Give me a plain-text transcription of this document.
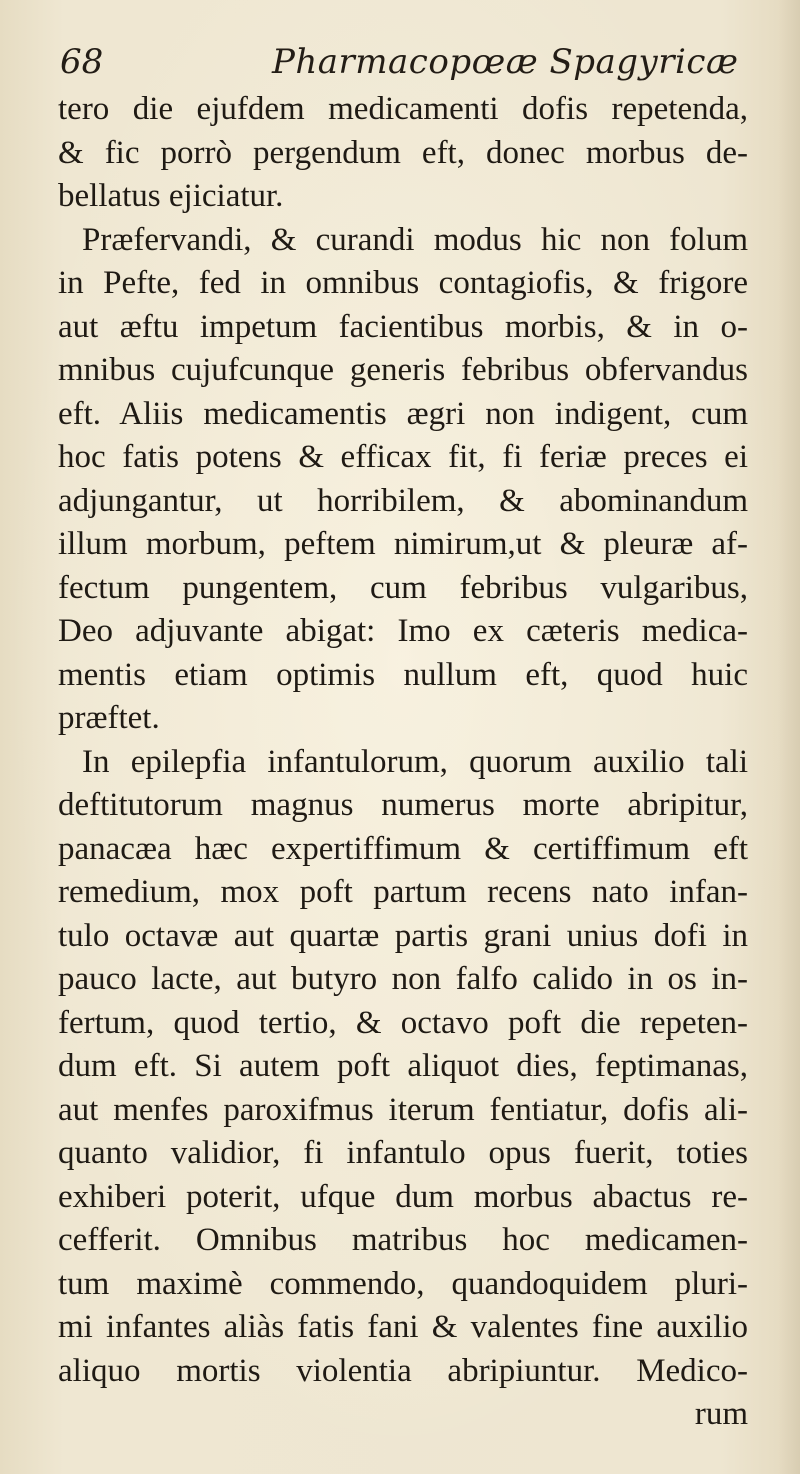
68	Pharmacopœæ Spagyricæ
tero die ejufdem medicamenti dofis repetenda,
& fic porrò pergendum eft, donec morbus de-
bellatus ejiciatur.
Præfervandi, & curandi modus hic non folum
in Pefte, fed in omnibus contagiofis, & frigore
aut æftu impetum facientibus morbis, & in o-
mnibus cujufcunque generis febribus obfervandus
eft. Aliis medicamentis ægri non indigent, cum
hoc fatis potens & efficax fit, fi feriæ preces ei
adjungantur, ut horribilem, & abominandum
illum morbum, peftem nimirum,ut & pleuræ af-
fectum pungentem, cum febribus vulgaribus,
Deo adjuvante abigat: Imo ex cæteris medica-
mentis etiam optimis nullum eft, quod huic
præftet.
In epilepfia infantulorum, quorum auxilio tali
deftitutorum magnus numerus morte abripitur,
panacæa hæc expertiffimum & certiffimum eft
remedium, mox poft partum recens nato infan-
tulo octavæ aut quartæ partis grani unius dofi in
pauco lacte, aut butyro non falfo calido in os in-
fertum, quod tertio, & octavo poft die repeten-
dum eft. Si autem poft aliquot dies, feptimanas,
aut menfes paroxifmus iterum fentiatur, dofis ali-
quanto validior, fi infantulo opus fuerit, toties
exhiberi poterit, ufque dum morbus abactus re-
cefferit. Omnibus matribus hoc medicamen-
tum maximè commendo, quandoquidem pluri-
mi infantes aliàs fatis fani & valentes fine auxilio
aliquo mortis violentia abripiuntur. Medico-
rum
